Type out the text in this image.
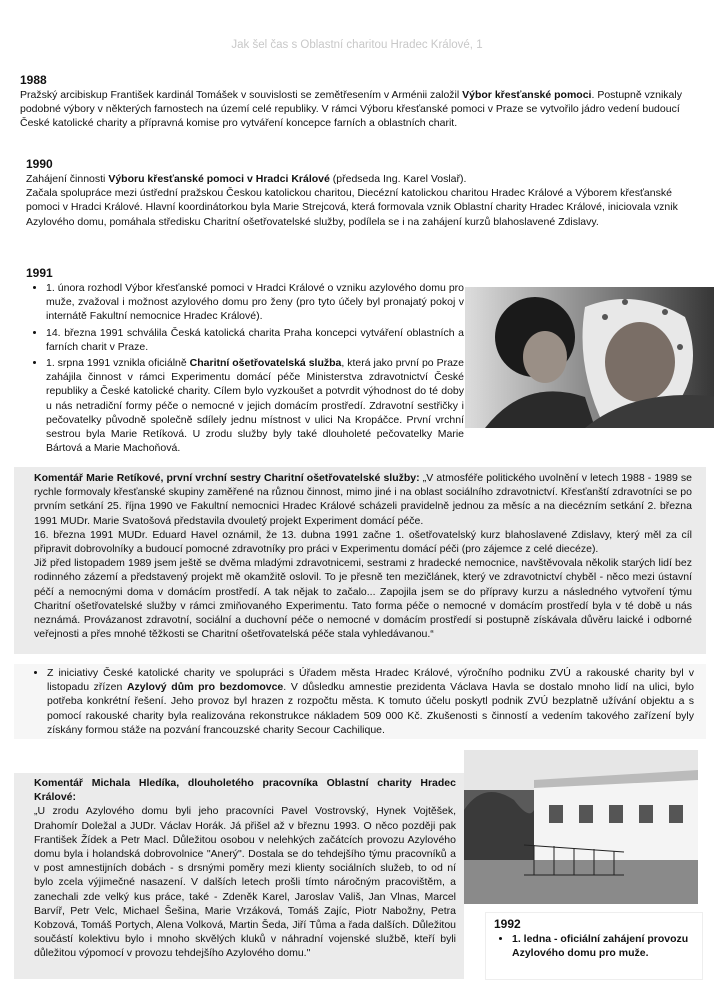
Jak šel čas s Oblastní charitou Hradec Králové, 1
1988

Pražský arcibiskup František kardinál Tomášek v souvislosti se zemětřesením v Arménii založil Výbor křesťanské pomoci. Postupně vznikaly podobné výbory v některých farnostech na území celé republiky. V rámci Výboru křesťanské pomoci v Praze se vytvořilo jádro vedení budoucí České katolické charity a přípravná komise pro vytváření koncepce farních a oblastních charit.

1990

Zahájení činnosti Výboru křesťanské pomoci v Hradci Králové (předseda Ing. Karel Voslař).

Začala spolupráce mezi ústřední pražskou Českou katolickou charitou, Diecézní katolickou charitou Hradec Králové a Výborem křesťanské pomoci v Hradci Králové. Hlavní koordinátorkou byla Marie Strejcová, která formovala vznik Oblastní charity Hradec Králové, iniciovala vznik Azylového domu, pomáhala středisku Charitní ošetřovatelské služby, podílela se i na zahájení kurzů blahoslavené Zdislavy.

1991
• 1. února rozhodl Výbor křesťanské pomoci v Hradci Králové o vzniku azylového domu pro muže, zvažoval i možnost azylového domu pro ženy (pro tyto účely byl pronajatý pokoj v internátě Fakultní nemocnice Hradec Králové).
• 14. března 1991 schválila Česká katolická charita Praha koncepci vytváření oblastních a farních charit v Praze.
• 1. srpna 1991 vznikla oficiálně Charitní ošetřovatelská služba, která jako první po Praze zahájila činnost v rámci Experimentu domácí péče Ministerstva zdravotnictví České republiky a České katolické charity. Cílem bylo vyzkoušet a potvrdit výhodnost do té doby u nás netradiční formy péče o nemocné v jejich domácím prostředí. Zdravotní sestřičky i pečovatelky původně společně sdílely jednu místnost v ulici Na Kropáčce. První vrchní sestrou byla Marie Retíková. U zrodu služby byly také dlouholeté pečovatelky Marie Bártová a Marie Machoňová.

Komentář Marie Retíkové, první vrchní sestry Charitní ošetřovatelské služby: „V atmosféře politického uvolnění v letech 1988 - 1989 se rychle formovaly křesťanské skupiny zaměřené na různou činnost, mimo jiné i na oblast sociálního zdravotnictví. Křesťanští zdravotníci se po prvním setkání 25. října 1990 ve Fakultní nemocnici Hradec Králové scházeli pravidelně jednou za měsíc a na diecézním setkání 2. března 1991 MUDr. Marie Svatošová představila dvouletý projekt Experiment domácí péče.

16. března 1991 MUDr. Eduard Havel oznámil, že 13. dubna 1991 začne 1. ošetřovatelský kurz blahoslavené Zdislavy, který měl za cíl připravit dobrovolníky a budoucí pomocné zdravotníky pro práci v Experimentu domácí péči (pro zájemce z celé diecéze).

Již před listopadem 1989 jsem ještě se dvěma mladými zdravotnicemi, sestrami z hradecké nemocnice, navštěvovala několik starých lidí bez rodinného zázemí a představený projekt mě okamžitě oslovil. To je přesně ten mezičlánek, který ve zdravotnictví chyběl - něco mezi ústavní péčí a nemocnými doma v domácím prostředí. A tak nějak to začalo... Zapojila jsem se do přípravy kurzu a následného vytvoření týmu Charitní ošetřovatelské služby v rámci zmiňovaného Experimentu. Tato forma péče o nemocné v domácím prostředí byla v té době u nás neznámá. Provázanost zdravotní, sociální a duchovní péče o nemocné v domácím prostředí si postupně získávala důvěru laické i odborné veřejnosti a přes mnohé těžkosti se Charitní ošetřovatelská péče stala vyhledávanou.“

• Z iniciativy České katolické charity ve spolupráci s Úřadem města Hradec Králové, výročního podniku ZVÚ a rakouské charity byl v listopadu zřízen Azylový dům pro bezdomovce. V důsledku amnestie prezidenta Václava Havla se dostalo mnoho lidí na ulici, bylo potřeba konkrétní řešení. Jeho provoz byl hrazen z rozpočtu města. K tomuto účelu poskytl podnik ZVÚ bezplatně užívání objektu a s pomocí rakouské charity byla realizována rekonstrukce nákladem 509 000 Kč. Zkušenosti s činností a vedením takového zařízení byly získány formou stáže na pozvání francouzské charity Secour Cachilique.

Komentář Michala Hledíka, dlouholetého pracovníka Oblastní charity Hradec Králové:

„U zrodu Azylového domu byli jeho pracovníci Pavel Vostrovský, Hynek Vojtěšek, Drahomír Doležal a JUDr. Václav Horák. Já přišel až v březnu 1993. O něco později pak František Žídek a Petr Macl. Důležitou osobou v nelehkých začátcích provozu Azylového domu byla i holandská dobrovolnice "Anerý". Dostala se do tehdejšího týmu pracovníků a v post amnestijních dobách - s drsnými poměry mezi klienty sociálních služeb, to od ní bylo zcela výjimečné nasazení. V dalších letech prošli tímto náročným pracovištěm, a zanechali zde velký kus práce, také - Zdeněk Karel, Jaroslav Vališ, Jan Vlnas, Marcel Barvíř, Petr Velc, Michael Šešina, Marie Vrzáková, Tomáš Zajíc, Piotr Nabožny, Petra Kobzová, Tomáš Portych, Alena Volková, Martin Šeda, Jiří Tůma a řada dalších. Důležitou součástí kolektivu bylo i mnoho skvělých kluků v náhradní vojenské službě, kteří byli důležitou výpomocí v provozu tehdejšího Azylového domu."

1992
• 1. ledna - oficiální zahájení provozu Azylového domu pro muže.
